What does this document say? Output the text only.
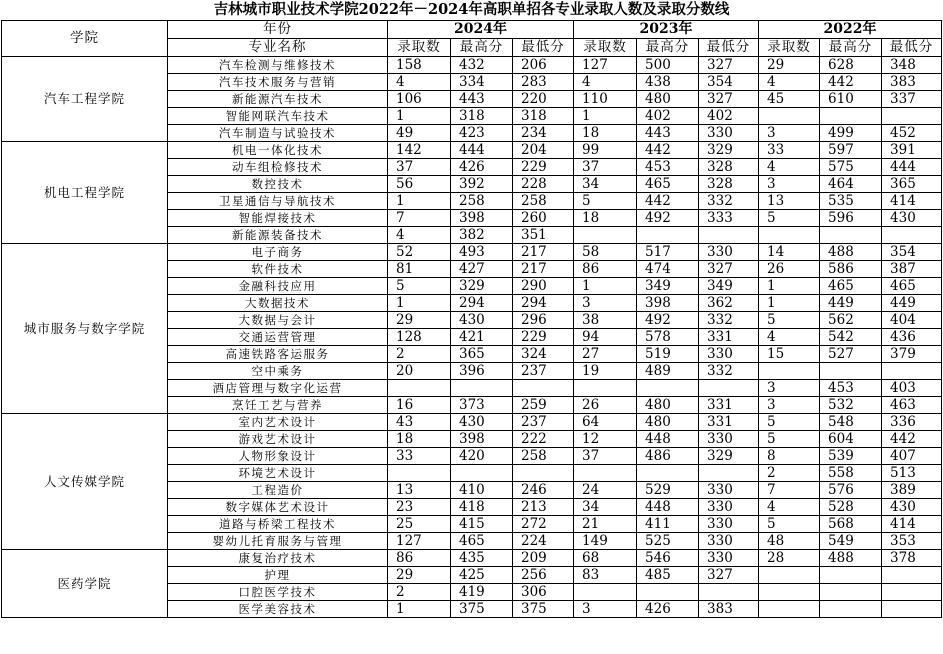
吉林城市职业技术学院2022年－2024年高职单招各专业录取人数及录取分数线
学院	年份	2024年			2023年			2022年		
	专业名称	录取数	最高分	最低分	录取数	最高分	最低分	录取数	最高分	最低分
汽车工程学院	汽车检测与维修技术	158	432	206	127	500	327	29	628	348
	汽车技术服务与营销	4	334	283	4	438	354	4	442	383
	新能源汽车技术	106	443	220	110	480	327	45	610	337
	智能网联汽车技术	1	318	318	1	402	402			
	汽车制造与试验技术	49	423	234	18	443	330	3	499	452
机电工程学院	机电一体化技术	142	444	204	99	442	329	33	597	391
	动车组检修技术	37	426	229	37	453	328	4	575	444
	数控技术	56	392	228	34	465	328	3	464	365
	卫星通信与导航技术	1	258	258	5	442	332	13	535	414
	智能焊接技术	7	398	260	18	492	333	5	596	430
	新能源装备技术	4	382	351						
城市服务与数字学院	电子商务	52	493	217	58	517	330	14	488	354
	软件技术	81	427	217	86	474	327	26	586	387
	金融科技应用	5	329	290	1	349	349	1	465	465
	大数据技术	1	294	294	3	398	362	1	449	449
	大数据与会计	29	430	296	38	492	332	5	562	404
	交通运营管理	128	421	229	94	578	331	4	542	436
	高速铁路客运服务	2	365	324	27	519	330	15	527	379
	空中乘务	20	396	237	19	489	332			
	酒店管理与数字化运营							3	453	403
	烹饪工艺与营养	16	373	259	26	480	331	3	532	463
人文传媒学院	室内艺术设计	43	430	237	64	480	331	5	548	336
	游戏艺术设计	18	398	222	12	448	330	5	604	442
	人物形象设计	33	420	258	37	486	329	8	539	407
	环境艺术设计							2	558	513
	工程造价	13	410	246	24	529	330	7	576	389
	数字媒体艺术设计	23	418	213	34	448	330	4	528	430
	道路与桥梁工程技术	25	415	272	21	411	330	5	568	414
	婴幼儿托育服务与管理	127	465	224	149	525	330	48	549	353
医药学院	康复治疗技术	86	435	209	68	546	330	28	488	378
	护理	29	425	256	83	485	327			
	口腔医学技术	2	419	306						
	医学美容技术	1	375	375	3	426	383			
